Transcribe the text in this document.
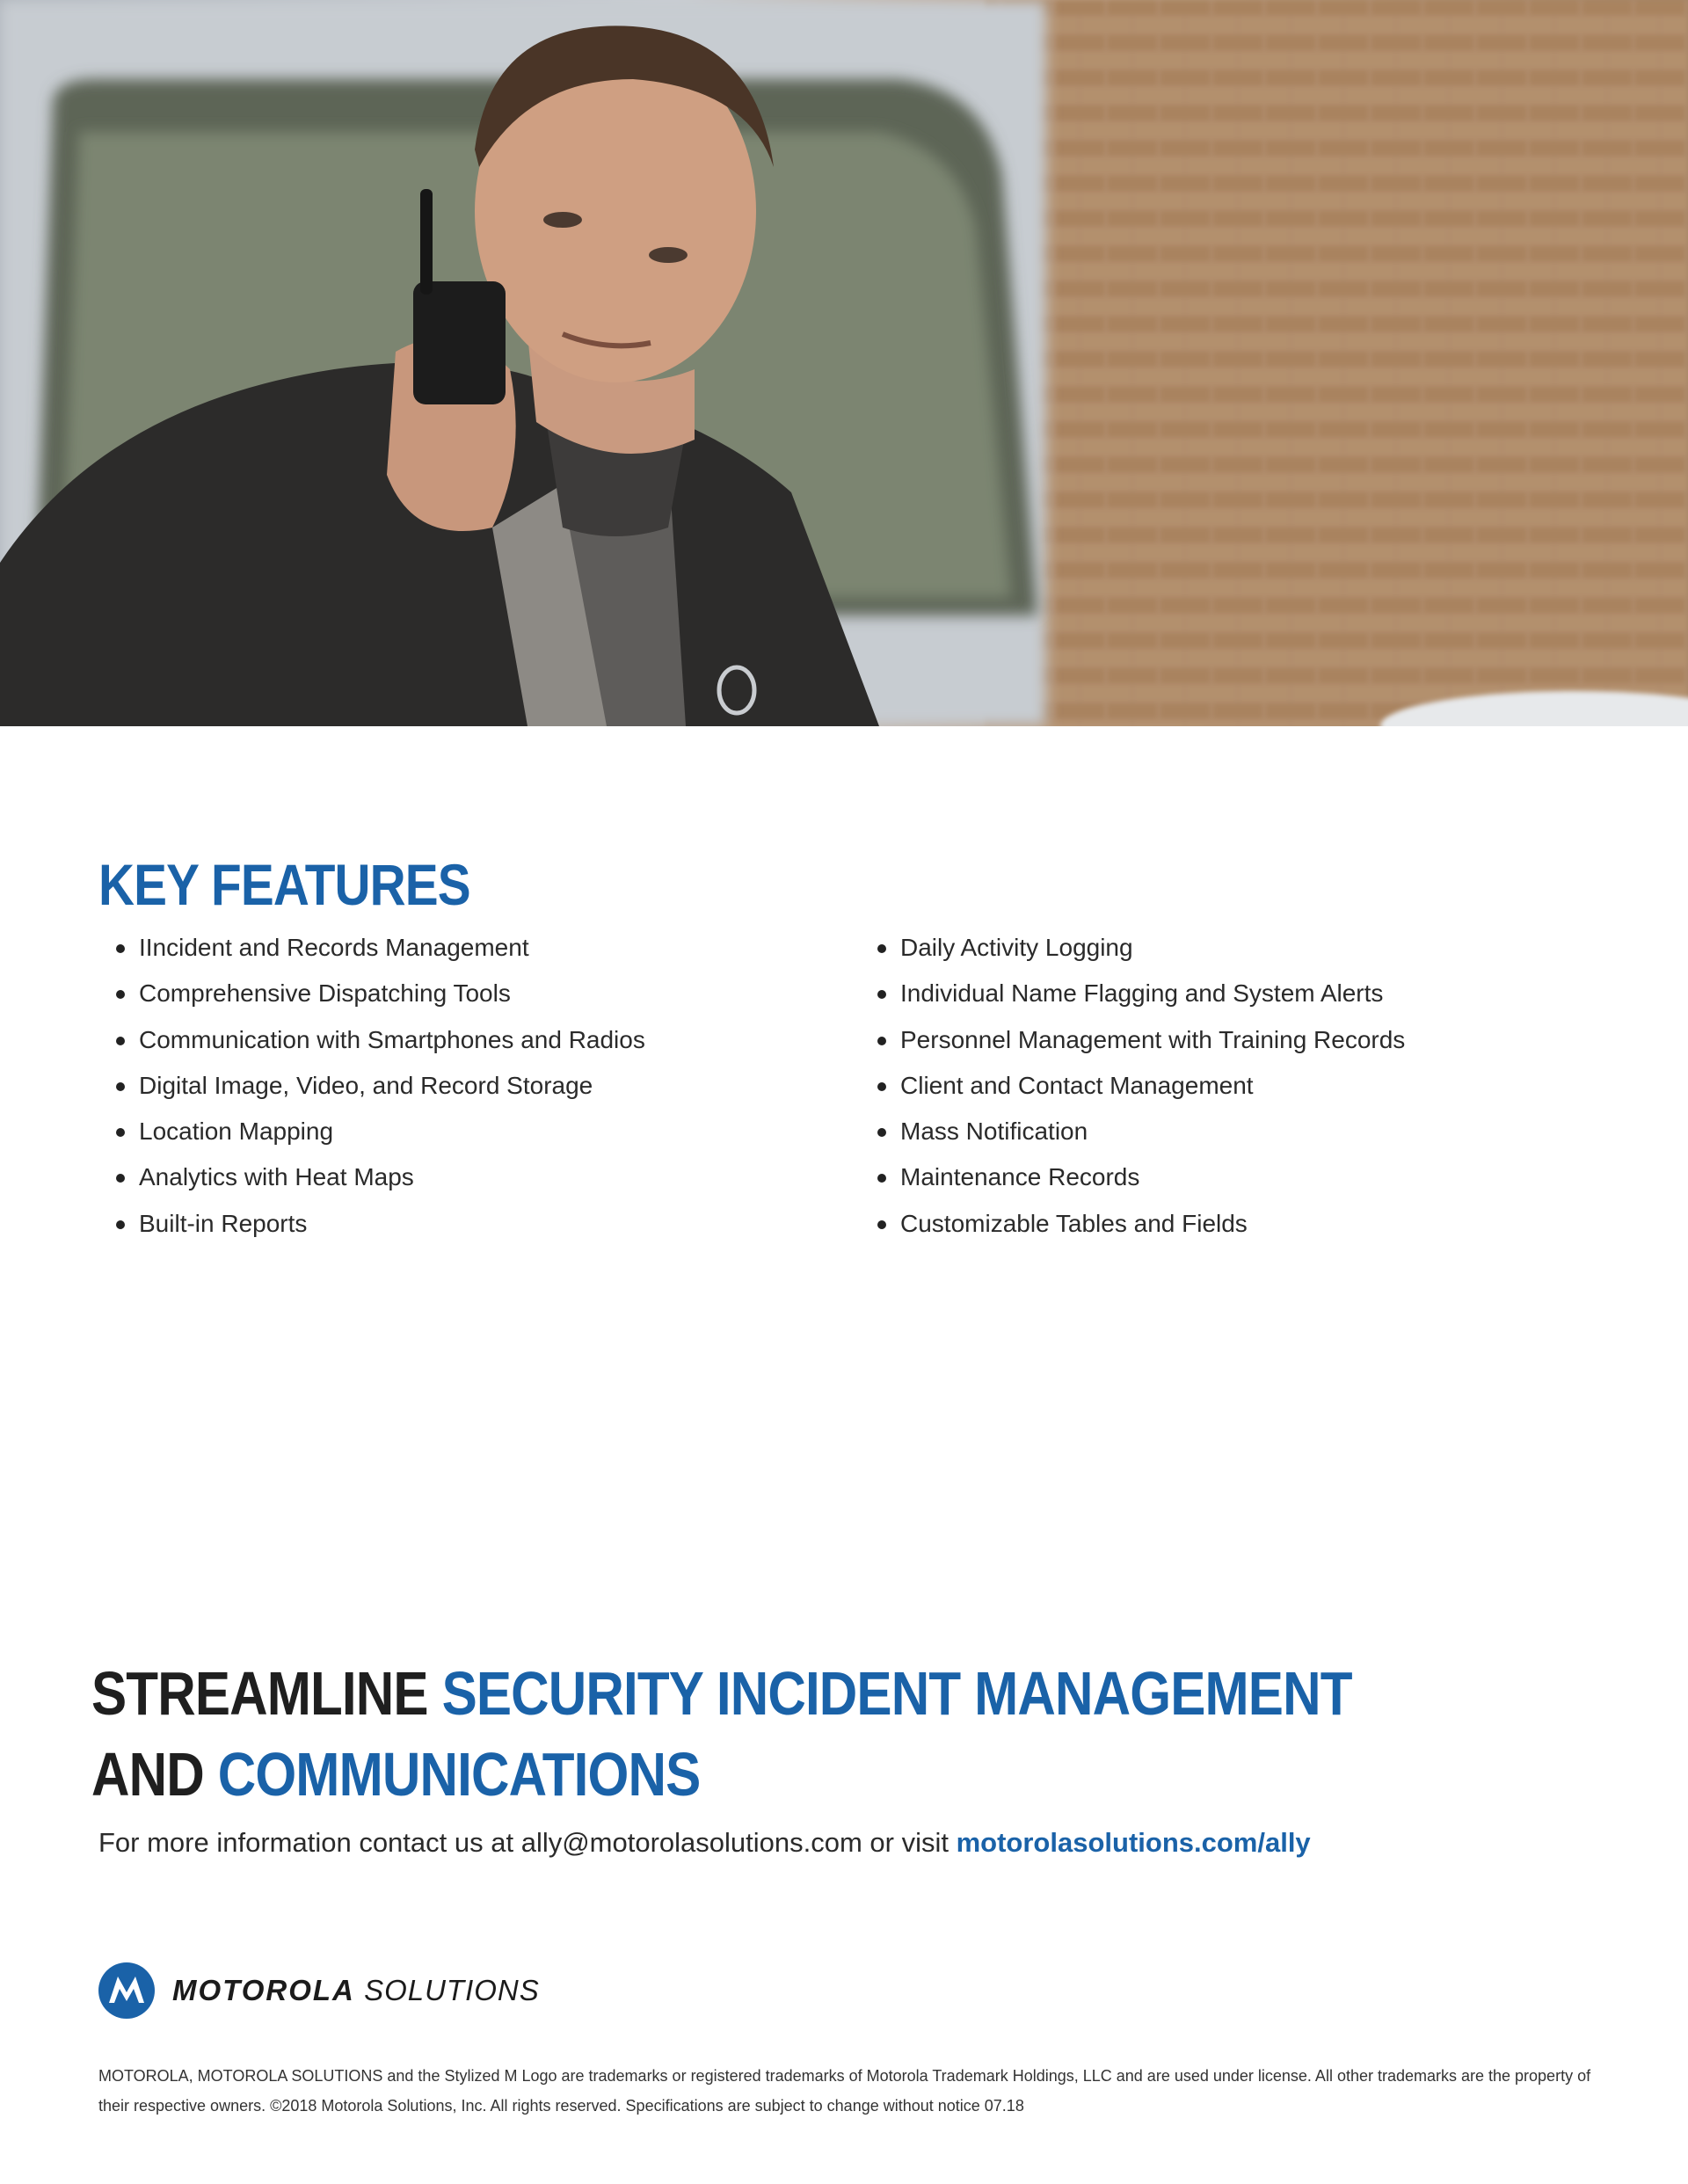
KEY FEATURES
IIncident and Records Management
Comprehensive Dispatching Tools
Communication with Smartphones and Radios
Digital Image, Video, and Record Storage
Location Mapping
Analytics with Heat Maps
Built-in Reports
Daily Activity Logging
Individual Name Flagging and System Alerts
Personnel Management with Training Records
Client and Contact Management
Mass Notification
Maintenance Records
Customizable Tables and Fields
STREAMLINE SECURITY INCIDENT MANAGEMENT
AND COMMUNICATIONS
For more information contact us at ally@motorolasolutions.com or visit motorolasolutions.com/ally
MOTOROLA SOLUTIONS
MOTOROLA, MOTOROLA SOLUTIONS and the Stylized M Logo are trademarks or registered trademarks of Motorola Trademark Holdings, LLC and are used under license. All other trademarks are the property of their respective owners. ©2018 Motorola Solutions, Inc. All rights reserved. Specifications are subject to change without notice 07.18
